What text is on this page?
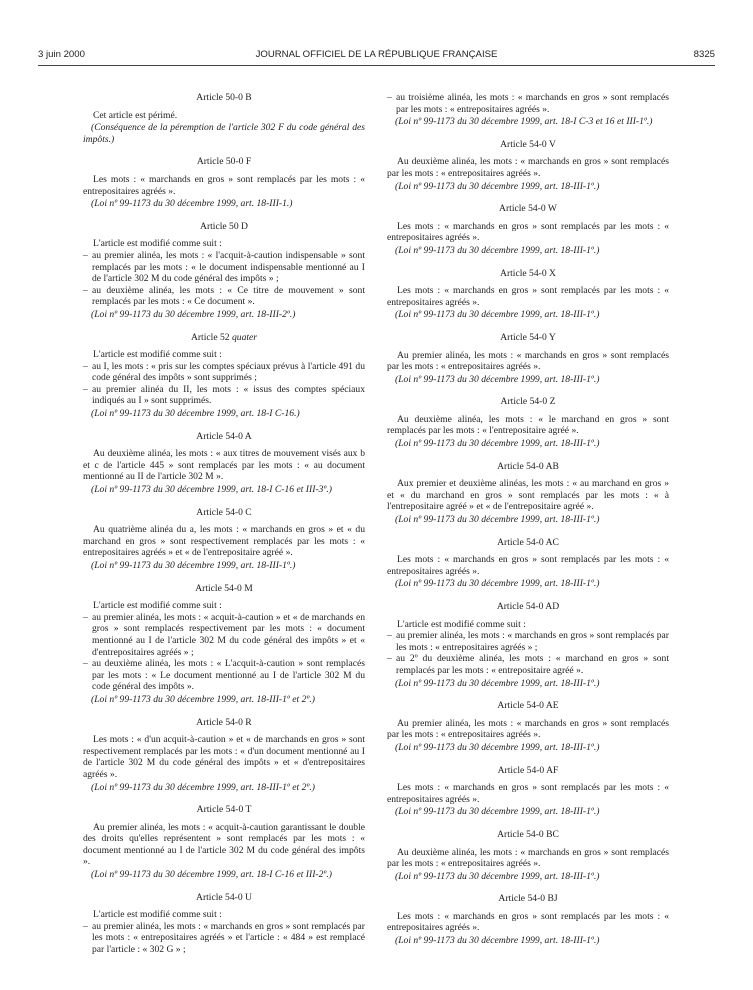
3 juin 2000	JOURNAL OFFICIEL DE LA RÉPUBLIQUE FRANÇAISE	8325
Article 50-0 B

Cet article est périmé.

(Conséquence de la péremption de l'article 302 F du code général des impôts.)

Article 50-0 F

Les mots : « marchands en gros » sont remplacés par les mots : « entrepositaires agréés ».

(Loi nº 99-1173 du 30 décembre 1999, art. 18-III-1.)

Article 50 D

L'article est modifié comme suit :

– au premier alinéa, les mots : « l'acquit-à-caution indispensable » sont remplacés par les mots : « le document indispensable mentionné au I de l'article 302 M du code général des impôts » ;
– au deuxième alinéa, les mots : « Ce titre de mouvement » sont remplacés par les mots : « Ce document ».

(Loi nº 99-1173 du 30 décembre 1999, art. 18-III-2º.)

Article 52 quater

L'article est modifié comme suit :

– au I, les mots : « pris sur les comptes spéciaux prévus à l'article 491 du code général des impôts » sont supprimés ;
– au premier alinéa du II, les mots : « issus des comptes spéciaux indiqués au I » sont supprimés.

(Loi nº 99-1173 du 30 décembre 1999, art. 18-I C-16.)

Article 54-0 A

Au deuxième alinéa, les mots : « aux titres de mouvement visés aux b et c de l'article 445 » sont remplacés par les mots : « au document mentionné au II de l'article 302 M ».

(Loi nº 99-1173 du 30 décembre 1999, art. 18-I C-16 et III-3º.)

Article 54-0 C

Au quatrième alinéa du a, les mots : « marchands en gros » et « du marchand en gros » sont respectivement remplacés par les mots : « entrepositaires agréés » et « de l'entrepositaire agréé ».

(Loi nº 99-1173 du 30 décembre 1999, art. 18-III-1º.)

Article 54-0 M

L'article est modifié comme suit :

– au premier alinéa, les mots : « acquit-à-caution » et « de marchands en gros » sont remplacés respectivement par les mots : « document mentionné au I de l'article 302 M du code général des impôts » et « d'entrepositaires agréés » ;
– au deuxième alinéa, les mots : « L'acquit-à-caution » sont remplacés par les mots : « Le document mentionné au I de l'article 302 M du code général des impôts ».

(Loi nº 99-1173 du 30 décembre 1999, art. 18-III-1º et 2º.)

Article 54-0 R

Les mots : « d'un acquit-à-caution » et « de marchands en gros » sont respectivement remplacés par les mots : « d'un document mentionné au I de l'article 302 M du code général des impôts » et « d'entrepositaires agréés ».

(Loi nº 99-1173 du 30 décembre 1999, art. 18-III-1º et 2º.)

Article 54-0 T

Au premier alinéa, les mots : « acquit-à-caution garantissant le double des droits qu'elles représentent » sont remplacés par les mots : « document mentionné au I de l'article 302 M du code général des impôts ».

(Loi nº 99-1173 du 30 décembre 1999, art. 18-I C-16 et III-2º.)

Article 54-0 U

L'article est modifié comme suit :

– au premier alinéa, les mots : « marchands en gros » sont remplacés par les mots : « entrepositaires agréés » et l'article : « 484 » est remplacé par l'article : « 302 G » ;
– au troisième alinéa, les mots : « marchands en gros » sont remplacés par les mots : « entrepositaires agréés ».

(Loi nº 99-1173 du 30 décembre 1999, art. 18-I C-3 et 16 et III-1º.)

Article 54-0 V

Au deuxième alinéa, les mots : « marchands en gros » sont remplacés par les mots : « entrepositaires agréés ».

(Loi nº 99-1173 du 30 décembre 1999, art. 18-III-1º.)

Article 54-0 W

Les mots : « marchands en gros » sont remplacés par les mots : « entrepositaires agréés ».

(Loi nº 99-1173 du 30 décembre 1999, art. 18-III-1º.)

Article 54-0 X

Les mots : « marchands en gros » sont remplacés par les mots : « entrepositaires agréés ».

(Loi nº 99-1173 du 30 décembre 1999, art. 18-III-1º.)

Article 54-0 Y

Au premier alinéa, les mots : « marchands en gros » sont remplacés par les mots : « entrepositaires agréés ».

(Loi nº 99-1173 du 30 décembre 1999, art. 18-III-1º.)

Article 54-0 Z

Au deuxième alinéa, les mots : « le marchand en gros » sont remplacés par les mots : « l'entrepositaire agréé ».

(Loi nº 99-1173 du 30 décembre 1999, art. 18-III-1º.)

Article 54-0 AB

Aux premier et deuxième alinéas, les mots : « au marchand en gros » et « du marchand en gros » sont remplacés par les mots : « à l'entrepositaire agréé » et « de l'entrepositaire agréé ».

(Loi nº 99-1173 du 30 décembre 1999, art. 18-III-1º.)

Article 54-0 AC

Les mots : « marchands en gros » sont remplacés par les mots : « entrepositaires agréés ».

(Loi nº 99-1173 du 30 décembre 1999, art. 18-III-1º.)

Article 54-0 AD

L'article est modifié comme suit :

– au premier alinéa, les mots : « marchands en gros » sont remplacés par les mots : « entrepositaires agréés » ;
– au 2º du deuxième alinéa, les mots : « marchand en gros » sont remplacés par les mots : « entrepositaire agréé ».

(Loi nº 99-1173 du 30 décembre 1999, art. 18-III-1º.)

Article 54-0 AE

Au premier alinéa, les mots : « marchands en gros » sont remplacés par les mots : « entrepositaires agréés ».

(Loi nº 99-1173 du 30 décembre 1999, art. 18-III-1º.)

Article 54-0 AF

Les mots : « marchands en gros » sont remplacés par les mots : « entrepositaires agréés ».

(Loi nº 99-1173 du 30 décembre 1999, art. 18-III-1º.)

Article 54-0 BC

Au deuxième alinéa, les mots : « marchands en gros » sont remplacés par les mots : « entrepositaires agréés ».

(Loi nº 99-1173 du 30 décembre 1999, art. 18-III-1º.)

Article 54-0 BJ

Les mots : « marchands en gros » sont remplacés par les mots : « entrepositaires agréés ».

(Loi nº 99-1173 du 30 décembre 1999, art. 18-III-1º.)
